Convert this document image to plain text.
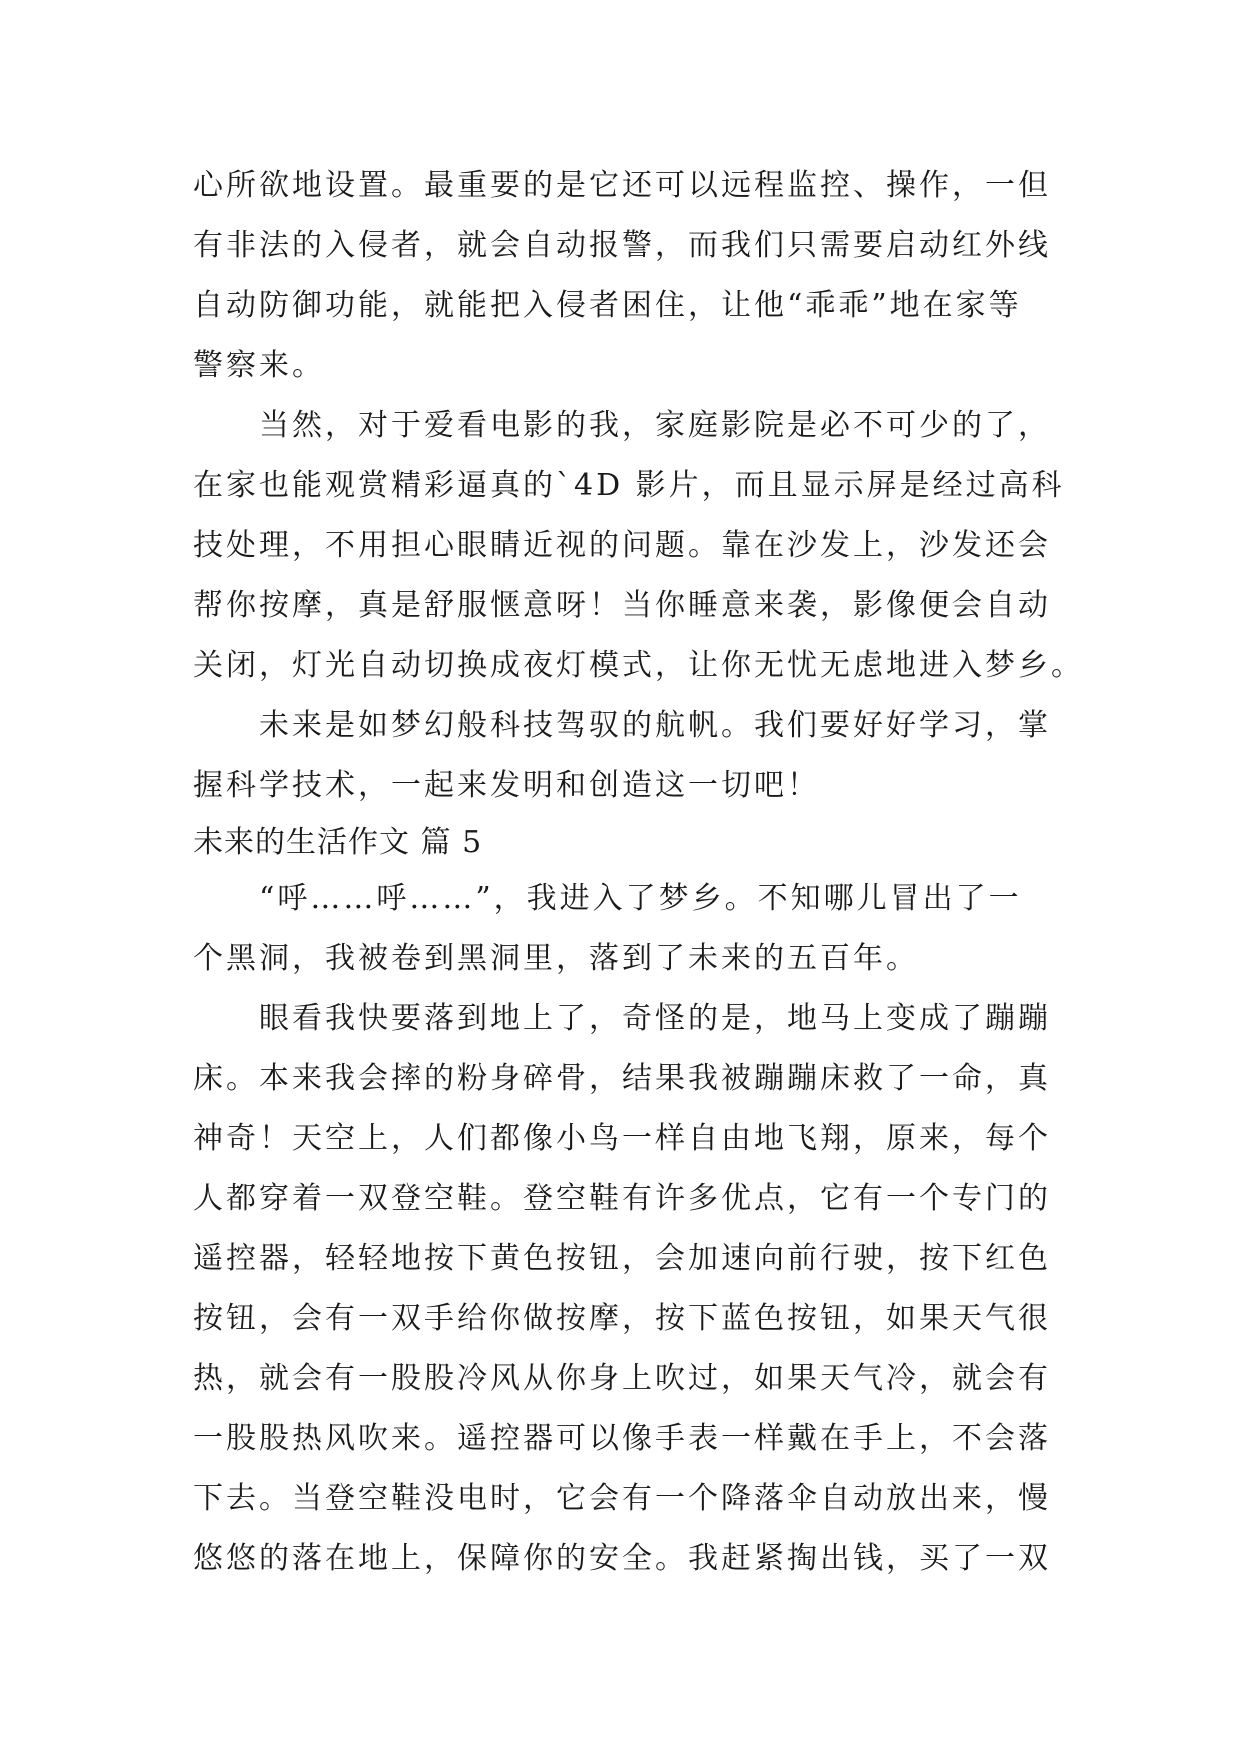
心所欲地设置。最重要的是它还可以远程监控、操作，一但
有非法的入侵者，就会自动报警，而我们只需要启动红外线
自动防御功能，就能把入侵者困住，让他“乖乖”地在家等
警察来。
当然，对于爱看电影的我，家庭影院是必不可少的了，
在家也能观赏精彩逼真的`4D 影片，而且显示屏是经过高科
技处理，不用担心眼睛近视的问题。靠在沙发上，沙发还会
帮你按摩，真是舒服惬意呀！当你睡意来袭，影像便会自动
关闭，灯光自动切换成夜灯模式，让你无忧无虑地进入梦乡。
未来是如梦幻般科技驾驭的航帆。我们要好好学习，掌
握科学技术，一起来发明和创造这一切吧！
未来的生活作文 篇 5
“呼……呼……”，我进入了梦乡。不知哪儿冒出了一
个黑洞，我被卷到黑洞里，落到了未来的五百年。
眼看我快要落到地上了，奇怪的是，地马上变成了蹦蹦
床。本来我会摔的粉身碎骨，结果我被蹦蹦床救了一命，真
神奇！天空上，人们都像小鸟一样自由地飞翔，原来，每个
人都穿着一双登空鞋。登空鞋有许多优点，它有一个专门的
遥控器，轻轻地按下黄色按钮，会加速向前行驶，按下红色
按钮，会有一双手给你做按摩，按下蓝色按钮，如果天气很
热，就会有一股股冷风从你身上吹过，如果天气冷，就会有
一股股热风吹来。遥控器可以像手表一样戴在手上，不会落
下去。当登空鞋没电时，它会有一个降落伞自动放出来，慢
悠悠的落在地上，保障你的安全。我赶紧掏出钱，买了一双
